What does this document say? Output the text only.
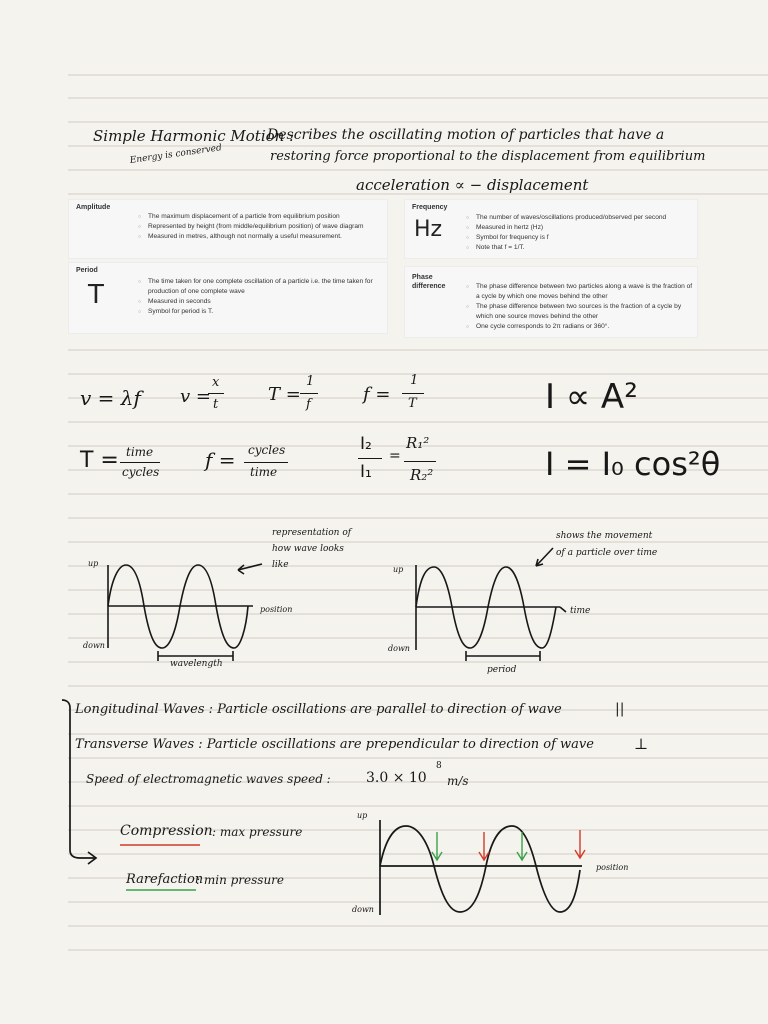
Simple Harmonic Motion :
Describes the oscillating motion of particles that have a
restoring force proportional to the displacement from equilibrium
Energy is conserved
acceleration ∝ − displacement
Amplitude
○ The maximum displacement of a particle from equilibrium position
○ Represented by height (from middle/equilibrium position) of wave diagram
○ Measured in metres, although not normally a useful measurement.
Period
T	○ The time taken for one complete oscillation of a particle i.e. the time taken for production of one complete wave
○ Measured in seconds
○ Symbol for period is T.
Frequency
Hz	○ The number of waves/oscillations produced/observed per second
○ Measured in hertz (Hz)
○ Symbol for frequency is f
○ Note that f = 1/T.
Phase
difference	○ The phase difference between two particles along a wave is the fraction of a cycle by which one moves behind the other
○ The phase difference between two sources is the fraction of a cycle by which one source moves behind the other
○ One cycle corresponds to 2π radians or 360°.
v = λf v =
x
t	T =
1
f	f =
1
T	I ∝ A²
T = time
cycles f = cycles
time
I₂
I₁
=
R₁²
R₂²	I = I₀ cos²θ
representation of
how wave looks
like
up
down
position
wavelength
shows the movement
of a particle over time
up
down
time
period
Longitudinal Waves : Particle oscillations are parallel to direction of wave	||
Transverse Waves : Particle oscillations are prependicular to direction of wave	⊥
Speed of electromagnetic waves speed :	3.0 × 10
8
m/s
Compression : max pressure
Rarefaction
: min pressure
up
down
position
